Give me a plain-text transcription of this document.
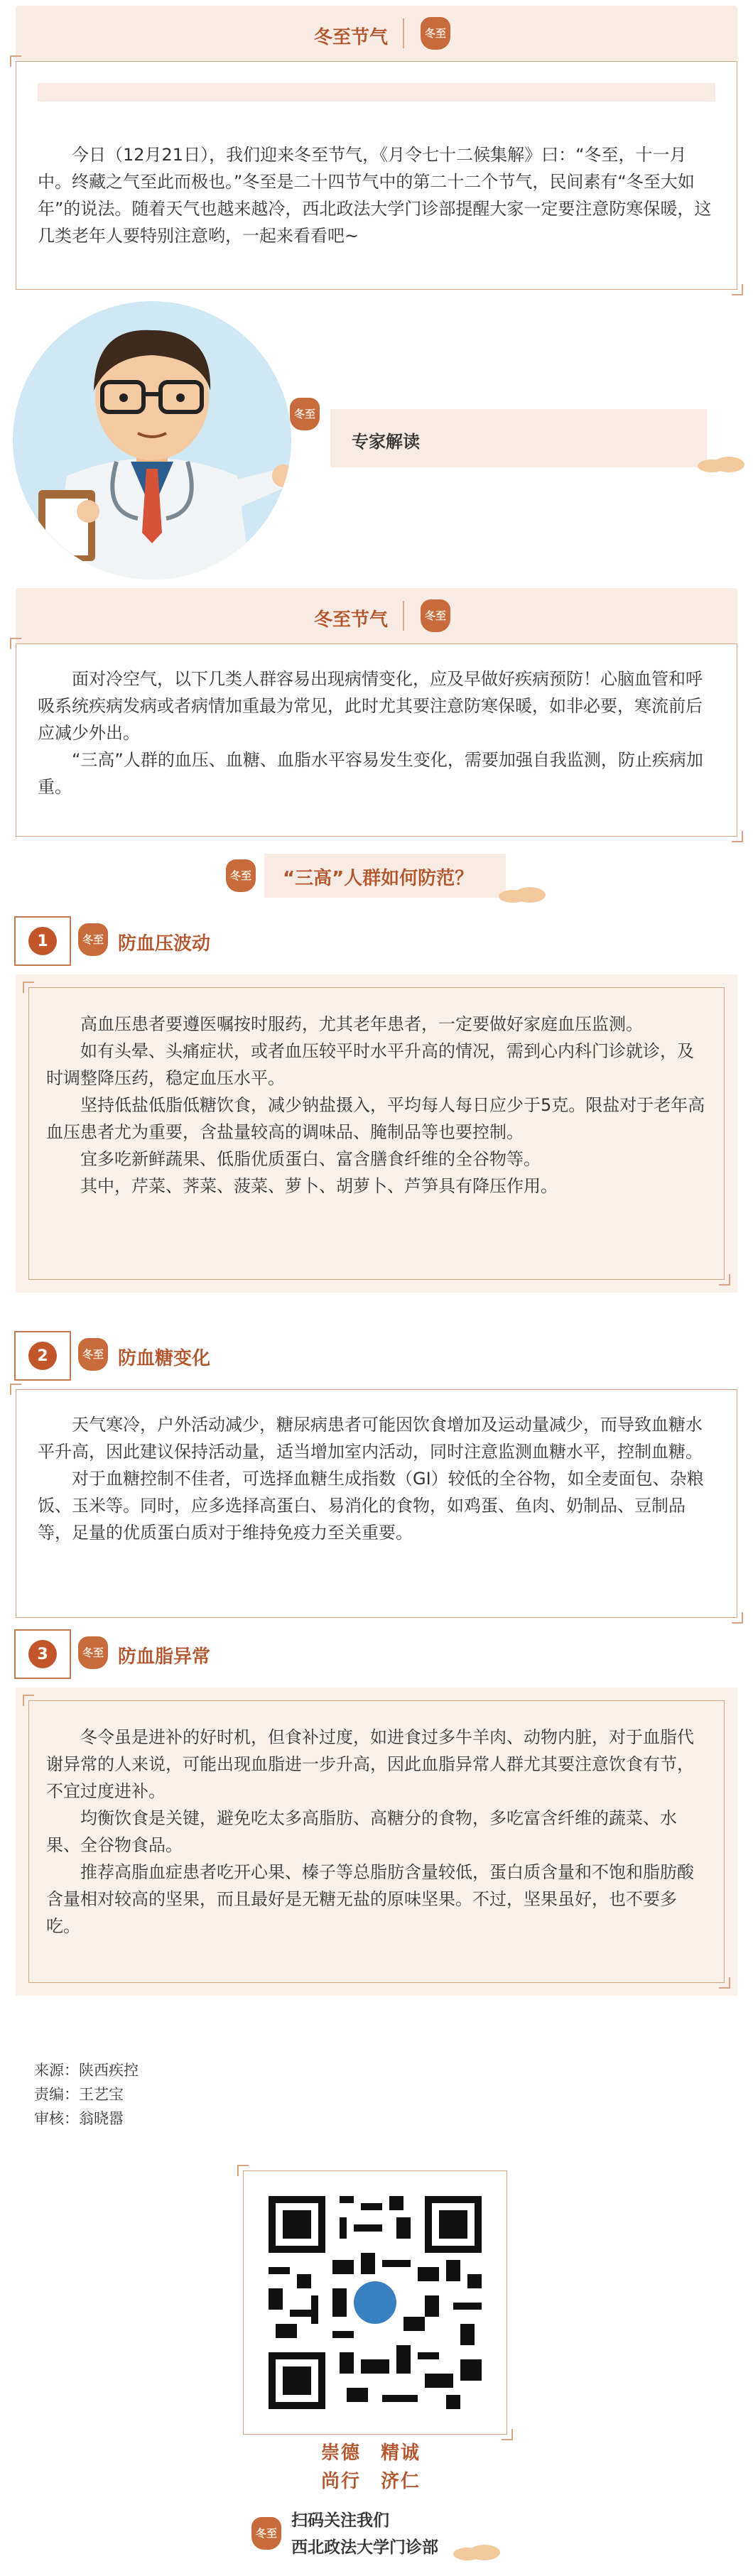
冬至节气	冬至

今日（12月21日），我们迎来冬至节气，《月令七十二候集解》曰：“冬至，十一月中。终藏之气至此而极也。”冬至是二十四节气中的第二十二个节气，民间素有“冬至大如年”的说法。随着天气也越来越冷，西北政法大学门诊部提醒大家一定要注意防寒保暖，这几类老年人要特别注意哟，一起来看看吧~

冬至
专家解读
冬至节气	冬至

面对冷空气，以下几类人群容易出现病情变化，应及早做好疾病预防！心脑血管和呼吸系统疾病发病或者病情加重最为常见，此时尤其要注意防寒保暖，如非必要，寒流前后应减少外出。

“三高”人群的血压、血糖、血脂水平容易发生变化，需要加强自我监测，防止疾病加重。

冬至 “三高”人群如何防范？
1	冬至 防血压波动

高血压患者要遵医嘱按时服药，尤其老年患者，一定要做好家庭血压监测。

如有头晕、头痛症状，或者血压较平时水平升高的情况，需到心内科门诊就诊，及时调整降压药，稳定血压水平。

坚持低盐低脂低糖饮食，减少钠盐摄入，平均每人每日应少于5克。限盐对于老年高血压患者尤为重要，含盐量较高的调味品、腌制品等也要控制。

宜多吃新鲜蔬果、低脂优质蛋白、富含膳食纤维的全谷物等。

其中，芹菜、荠菜、菠菜、萝卜、胡萝卜、芦笋具有降压作用。

2	冬至 防血糖变化

天气寒冷，户外活动减少，糖尿病患者可能因饮食增加及运动量减少，而导致血糖水平升高，因此建议保持活动量，适当增加室内活动，同时注意监测血糖水平，控制血糖。

对于血糖控制不佳者，可选择血糖生成指数（GI）较低的全谷物，如全麦面包、杂粮饭、玉米等。同时，应多选择高蛋白、易消化的食物，如鸡蛋、鱼肉、奶制品、豆制品等，足量的优质蛋白质对于维持免疫力至关重要。

3	冬至 防血脂异常

冬令虽是进补的好时机，但食补过度，如进食过多牛羊肉、动物内脏，对于血脂代谢异常的人来说，可能出现血脂进一步升高，因此血脂异常人群尤其要注意饮食有节，不宜过度进补。

均衡饮食是关键，避免吃太多高脂肪、高糖分的食物，多吃富含纤维的蔬菜、水果、全谷物食品。

推荐高脂血症患者吃开心果、榛子等总脂肪含量较低，蛋白质含量和不饱和脂肪酸含量相对较高的坚果，而且最好是无糖无盐的原味坚果。不过，坚果虽好，也不要多吃。

来源：陕西疾控
责编：王艺宝
审核：翁晓嚣
崇德　精诚
尚行　济仁
冬至
扫码关注我们
西北政法大学门诊部
